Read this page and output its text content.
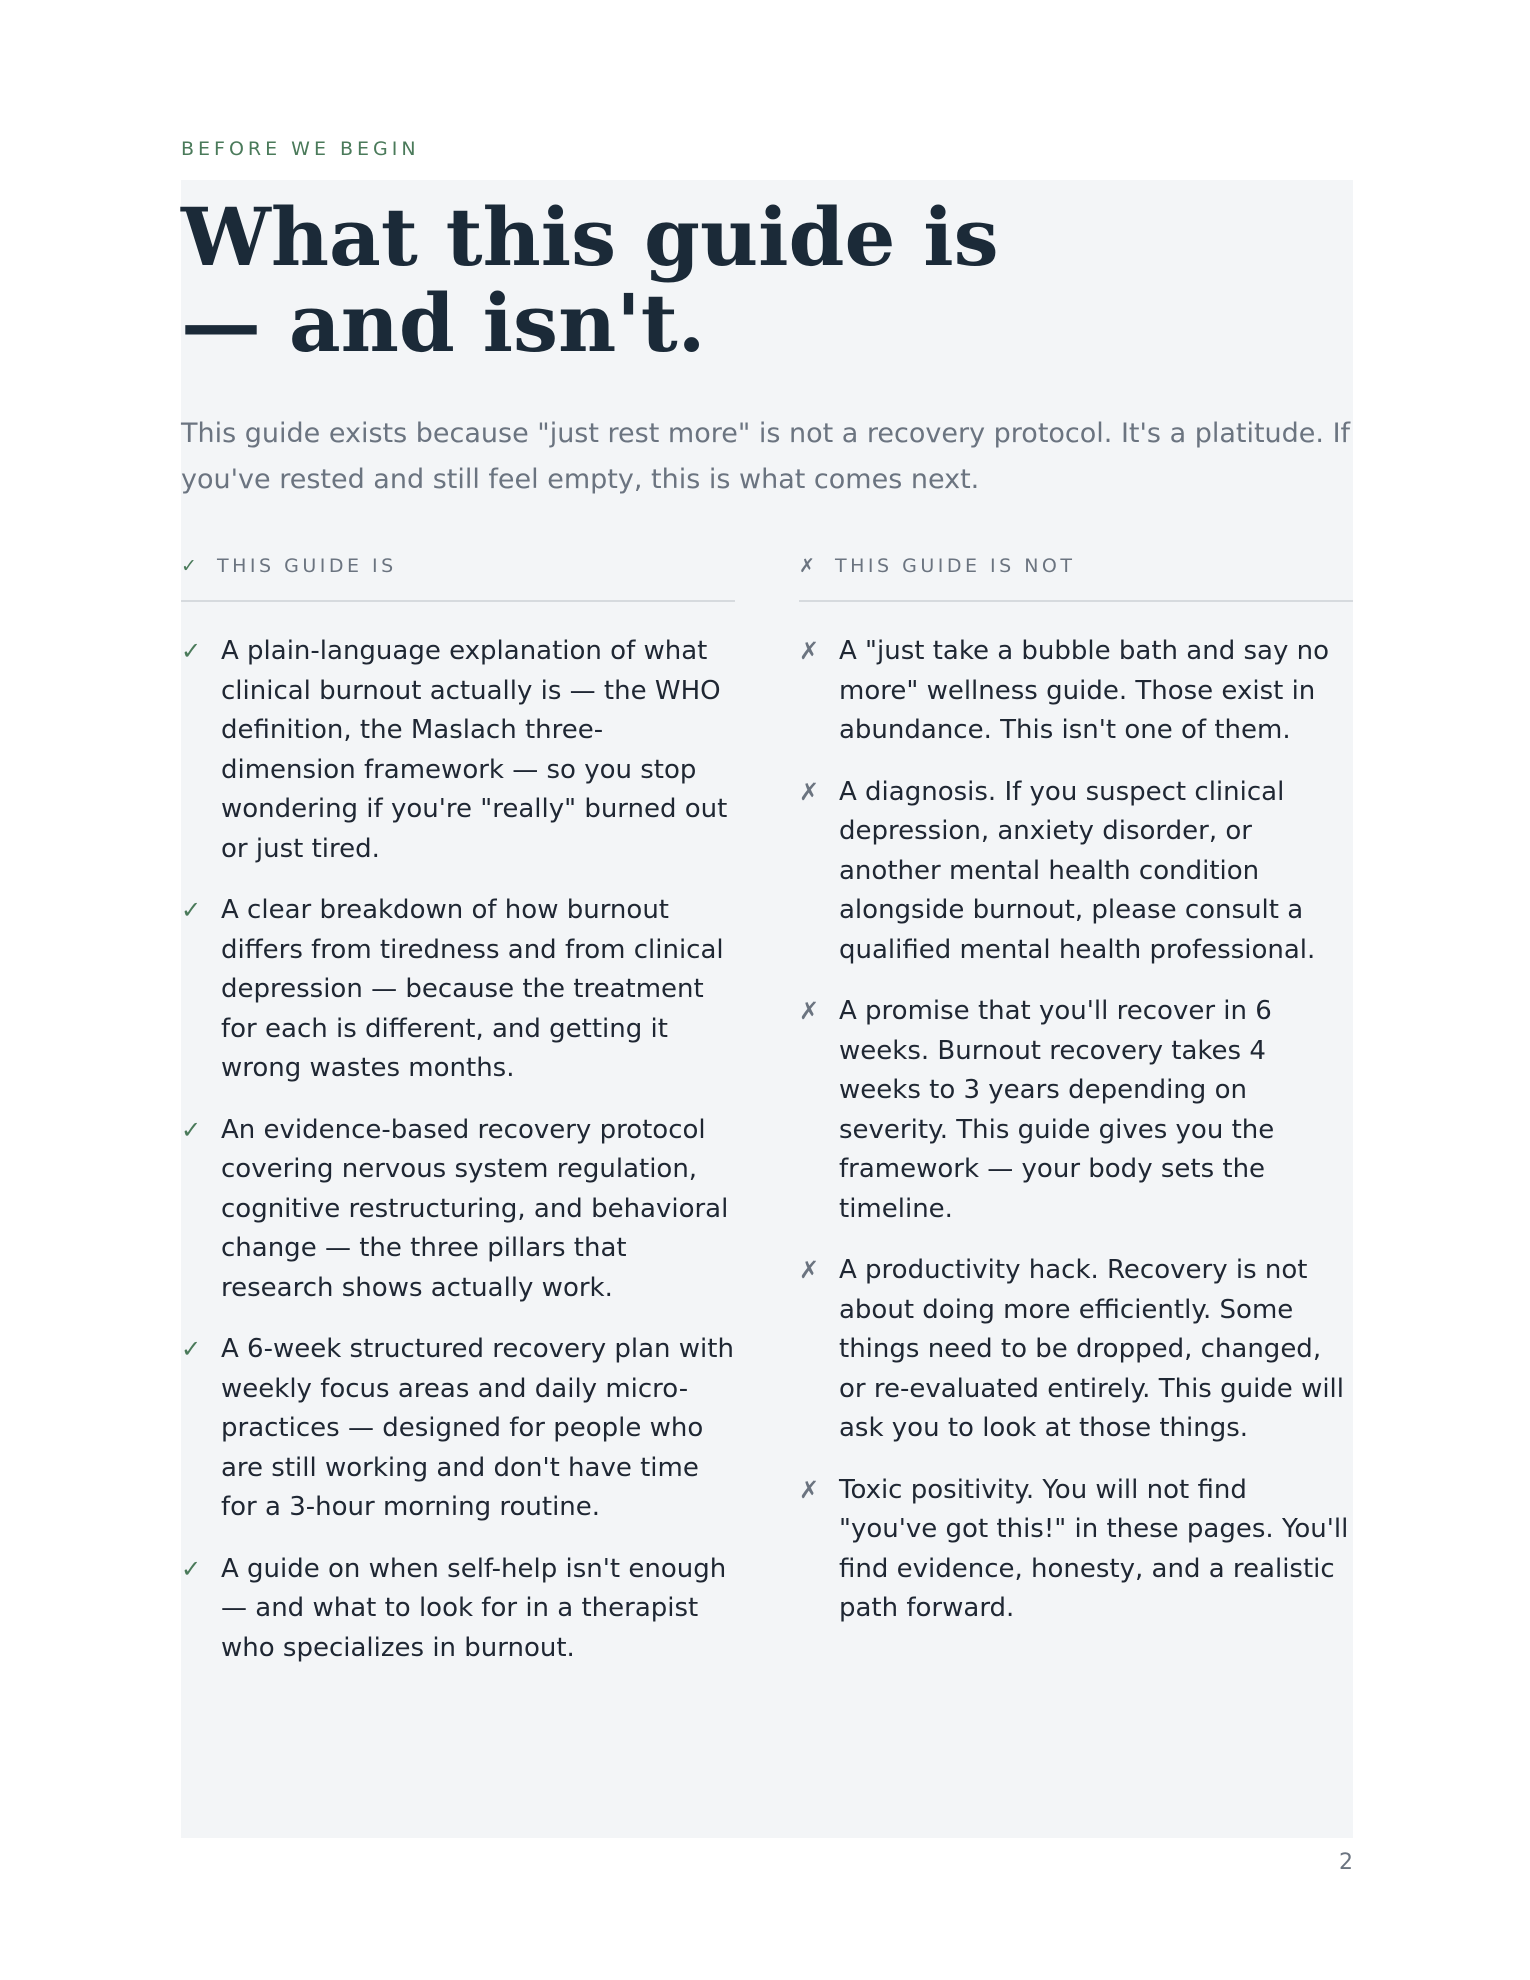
BEFORE WE BEGIN
What this guide is
— and isn't.

This guide exists because "just rest more" is not a recovery protocol. It's a platitude. If you've rested and still feel empty, this is what comes next.

✓	THIS GUIDE IS
✓ A plain-language explanation of what clinical burnout actually is — the WHO definition, the Maslach three-dimension framework — so you stop wondering if you're "really" burned out or just tired.
✓ A clear breakdown of how burnout differs from tiredness and from clinical depression — because the treatment for each is different, and getting it wrong wastes months.
✓ An evidence-based recovery protocol covering nervous system regulation, cognitive restructuring, and behavioral change — the three pillars that research shows actually work.
✓ A 6-week structured recovery plan with weekly focus areas and daily micro-practices — designed for people who are still working and don't have time for a 3-hour morning routine.
✓ A guide on when self-help isn't enough — and what to look for in a therapist who specializes in burnout.
✗	THIS GUIDE IS NOT
✗ A "just take a bubble bath and say no more" wellness guide. Those exist in abundance. This isn't one of them.
✗ A diagnosis. If you suspect clinical depression, anxiety disorder, or another mental health condition alongside burnout, please consult a qualified mental health professional.
✗ A promise that you'll recover in 6 weeks. Burnout recovery takes 4 weeks to 3 years depending on severity. This guide gives you the framework — your body sets the timeline.
✗ A productivity hack. Recovery is not about doing more efficiently. Some things need to be dropped, changed, or re-evaluated entirely. This guide will ask you to look at those things.
✗ Toxic positivity. You will not find "you've got this!" in these pages. You'll find evidence, honesty, and a realistic path forward.
2
